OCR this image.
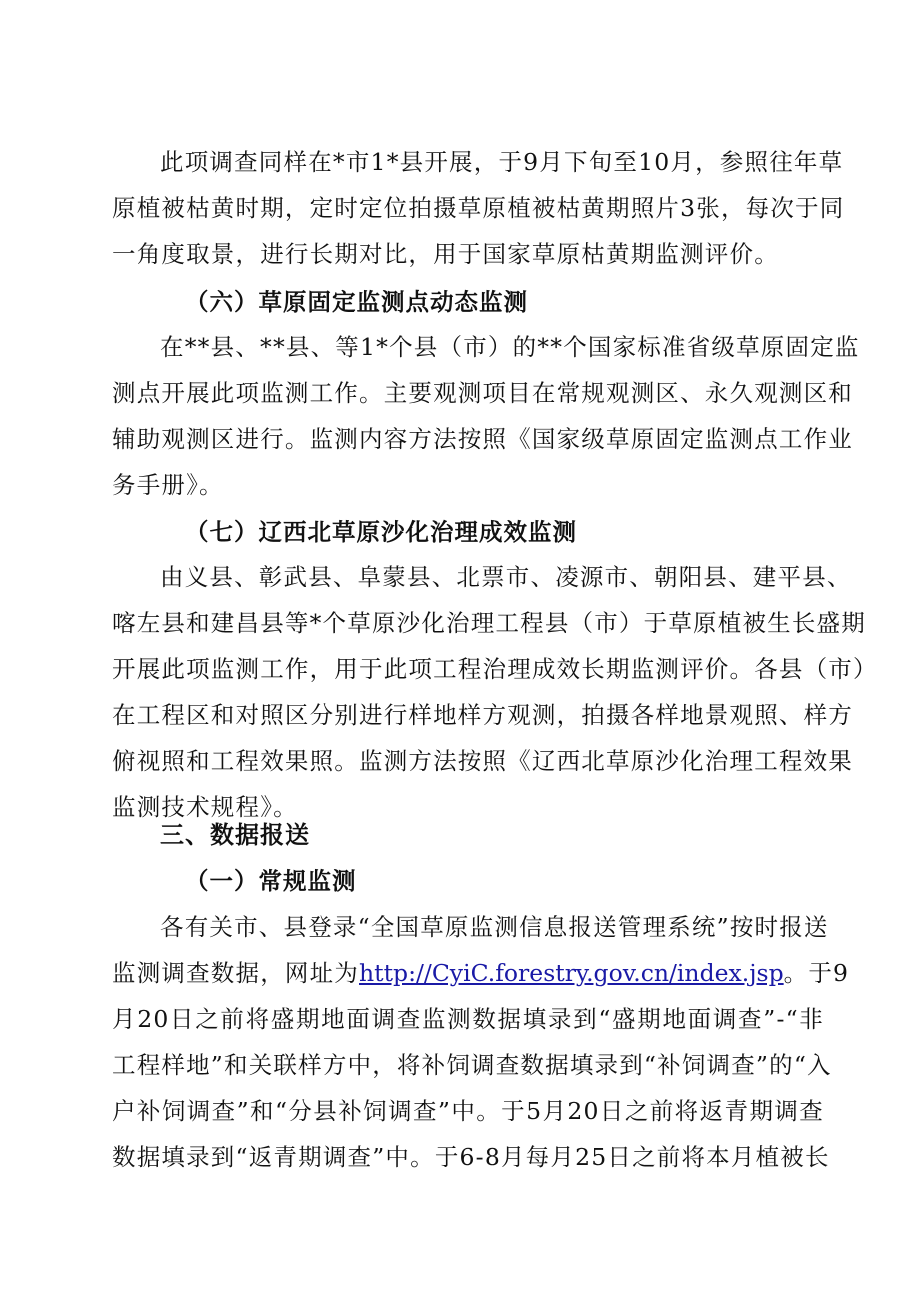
此项调查同样在*市1*县开展，于9月下旬至10月，参照往年草
原植被枯黄时期，定时定位拍摄草原植被枯黄期照片3张，每次于同
一角度取景，进行长期对比，用于国家草原枯黄期监测评价。
（六）草原固定监测点动态监测
在**县、**县、等1*个县（市）的**个国家标准省级草原固定监
测点开展此项监测工作。主要观测项目在常规观测区、永久观测区和
辅助观测区进行。监测内容方法按照《国家级草原固定监测点工作业
务手册》。
（七）辽西北草原沙化治理成效监测
由义县、彰武县、阜蒙县、北票市、凌源市、朝阳县、建平县、
喀左县和建昌县等*个草原沙化治理工程县（市）于草原植被生长盛期
开展此项监测工作，用于此项工程治理成效长期监测评价。各县（市）
在工程区和对照区分别进行样地样方观测，拍摄各样地景观照、样方
俯视照和工程效果照。监测方法按照《辽西北草原沙化治理工程效果
监测技术规程》。
三、数据报送
（一）常规监测
各有关市、县登录“全国草原监测信息报送管理系统”按时报送
监测调查数据，网址为http://CyiC.forestry.gov.cn/index.jsp。于9
月20日之前将盛期地面调查监测数据填录到“盛期地面调查”-“非
工程样地”和关联样方中，将补饲调查数据填录到“补饲调查”的“入
户补饲调查”和“分县补饲调查”中。于5月20日之前将返青期调查
数据填录到“返青期调查”中。于6-8月每月25日之前将本月植被长
